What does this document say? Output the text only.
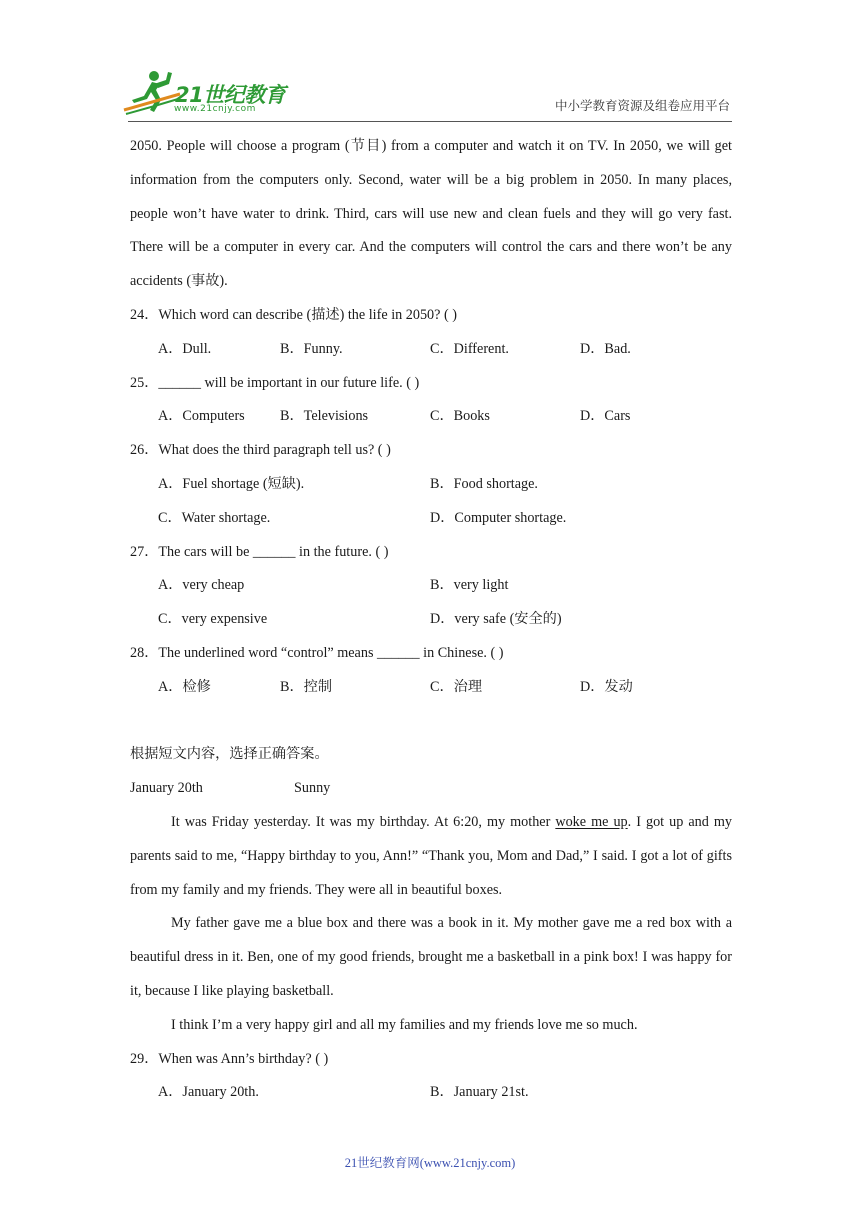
21世纪教育
www.21cnjy.com	中小学教育资源及组卷应用平台

2050. People will choose a program (节目) from a computer and watch it on TV. In 2050, we will get information from the computers only. Second, water will be a big problem in 2050. In many places, people won’t have water to drink. Third, cars will use new and clean fuels and they will go very fast. There will be a computer in every car. And the computers will control the cars and there won’t be any accidents (事故).

24．Which word can describe (描述) the life in 2050? ( )
A．Dull.	B．Funny.	C．Different.	D．Bad.
25．______ will be important in our future life. ( )
A．Computers B．Televisions	C．Books	D．Cars
26．What does the third paragraph tell us? ( )
A．Fuel shortage (短缺).	B．Food shortage.
C．Water shortage.	D．Computer shortage.
27．The cars will be ______ in the future. ( )
A．very cheap	B．very light
C．very expensive	D．very safe (安全的)
28．The underlined word “control” means ______ in Chinese. ( )
A．检修	B．控制	C．治理	D．发动
根据短文内容，选择正确答案。
January 20th	Sunny

It was Friday yesterday. It was my birthday. At 6:20, my mother woke me up. I got up and my parents said to me, “Happy birthday to you, Ann!” “Thank you, Mom and Dad,” I said. I got a lot of gifts from my family and my friends. They were all in beautiful boxes.

My father gave me a blue box and there was a book in it. My mother gave me a red box with a beautiful dress in it. Ben, one of my good friends, brought me a basketball in a pink box! I was happy for it, because I like playing basketball.

I think I’m a very happy girl and all my families and my friends love me so much.

29．When was Ann’s birthday? ( )
A．January 20th.	B．January 21st.
21世纪教育网(www.21cnjy.com)
